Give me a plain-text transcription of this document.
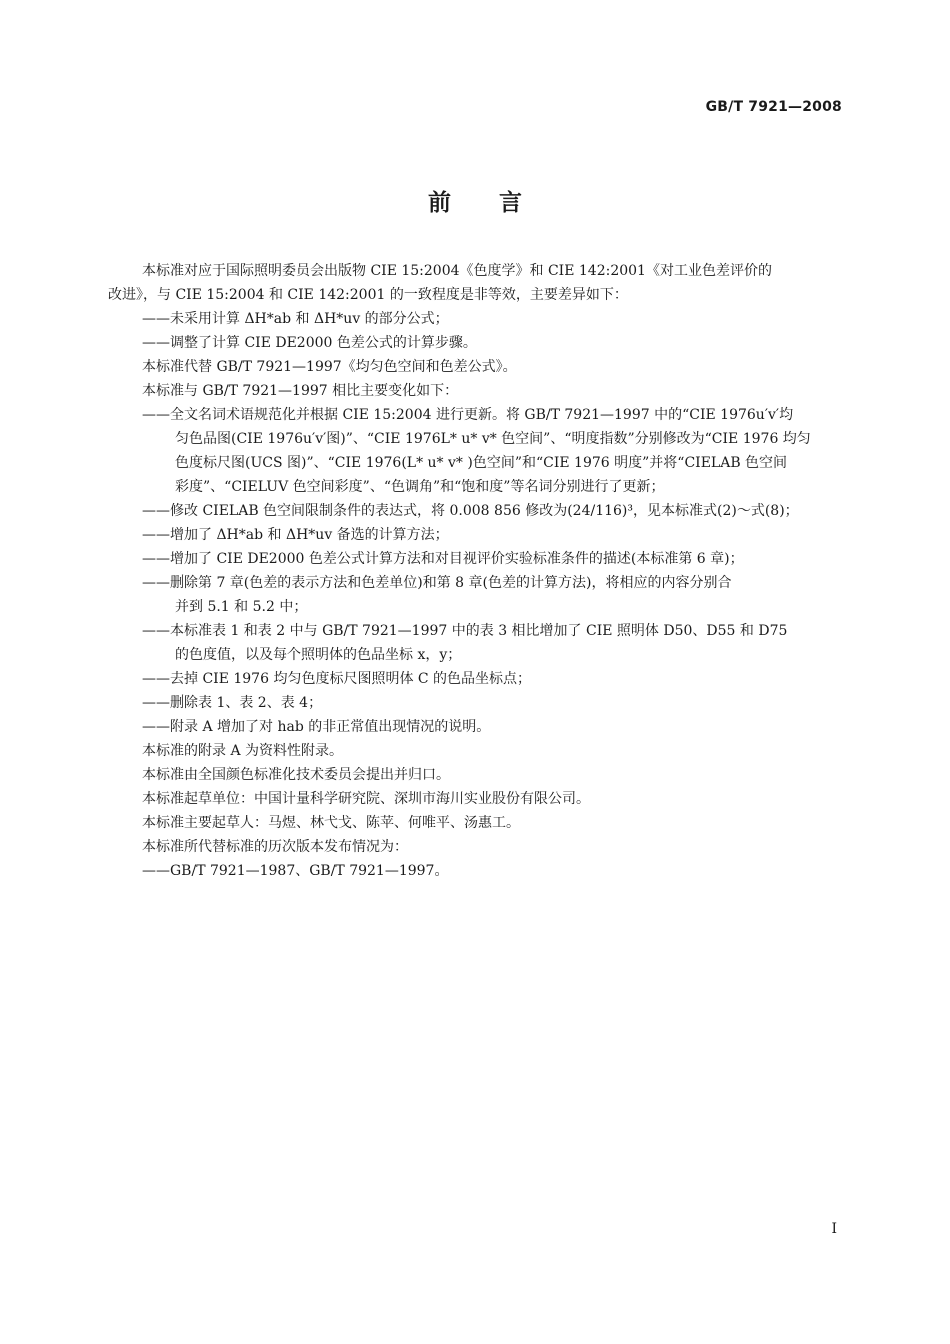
GB/T 7921—2008
前 言
本标准对应于国际照明委员会出版物 CIE 15:2004《色度学》和 CIE 142:2001《对工业色差评价的
改进》，与 CIE 15:2004 和 CIE 142:2001 的一致程度是非等效，主要差异如下：
——未采用计算 ΔH*ab 和 ΔH*uv 的部分公式；
——调整了计算 CIE DE2000 色差公式的计算步骤。
本标准代替 GB/T 7921—1997《均匀色空间和色差公式》。
本标准与 GB/T 7921—1997 相比主要变化如下：
——全文名词术语规范化并根据 CIE 15:2004 进行更新。将 GB/T 7921—1997 中的“CIE 1976u′v′均
匀色品图(CIE 1976u′v′图)”、“CIE 1976L* u* v* 色空间”、“明度指数”分别修改为“CIE 1976 均匀
色度标尺图(UCS 图)”、“CIE 1976(L* u* v* )色空间”和“CIE 1976 明度”并将“CIELAB 色空间
彩度”、“CIELUV 色空间彩度”、“色调角”和“饱和度”等名词分别进行了更新；
——修改 CIELAB 色空间限制条件的表达式，将 0.008 856 修改为(24/116)³，见本标准式(2)～式(8)；
——增加了 ΔH*ab 和 ΔH*uv 备选的计算方法；
——增加了 CIE DE2000 色差公式计算方法和对目视评价实验标准条件的描述(本标准第 6 章)；
——删除第 7 章(色差的表示方法和色差单位)和第 8 章(色差的计算方法)，将相应的内容分别合
并到 5.1 和 5.2 中；
——本标准表 1 和表 2 中与 GB/T 7921—1997 中的表 3 相比增加了 CIE 照明体 D50、D55 和 D75
的色度值，以及每个照明体的色品坐标 x，y；
——去掉 CIE 1976 均匀色度标尺图照明体 C 的色品坐标点；
——删除表 1、表 2、表 4；
——附录 A 增加了对 hab 的非正常值出现情况的说明。
本标准的附录 A 为资料性附录。
本标准由全国颜色标准化技术委员会提出并归口。
本标准起草单位：中国计量科学研究院、深圳市海川实业股份有限公司。
本标准主要起草人：马煜、林弋戈、陈苹、何唯平、汤惠工。
本标准所代替标准的历次版本发布情况为：
——GB/T 7921—1987、GB/T 7921—1997。
I
